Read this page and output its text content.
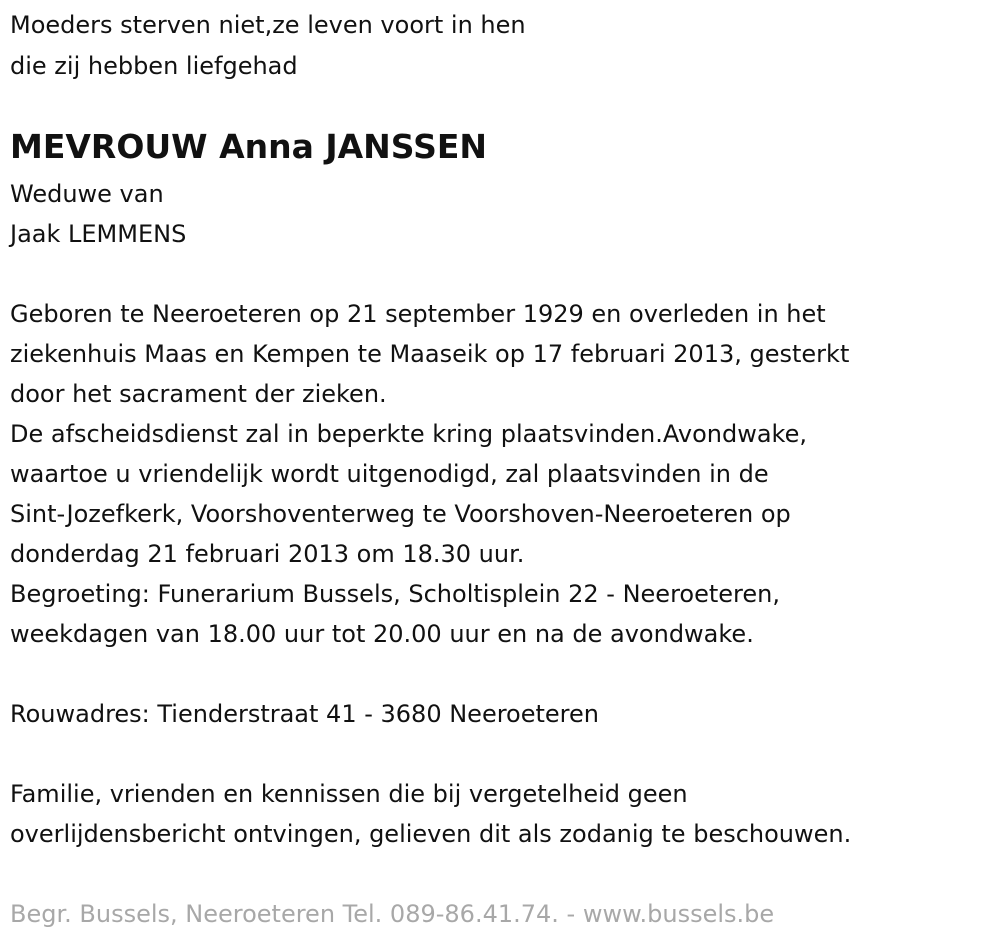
Moeders sterven niet,ze leven voort in hen
die zij hebben liefgehad
MEVROUW Anna JANSSEN
Weduwe van
Jaak LEMMENS
Geboren te Neeroeteren op 21 september 1929 en overleden in het
ziekenhuis Maas en Kempen te Maaseik op 17 februari 2013, gesterkt
door het sacrament der zieken.
De afscheidsdienst zal in beperkte kring plaatsvinden.Avondwake,
waartoe u vriendelijk wordt uitgenodigd, zal plaatsvinden in de
Sint-Jozefkerk, Voorshoventerweg te Voorshoven-Neeroeteren op
donderdag 21 februari 2013 om 18.30 uur.
Begroeting: Funerarium Bussels, Scholtisplein 22 - Neeroeteren,
weekdagen van 18.00 uur tot 20.00 uur en na de avondwake.
Rouwadres: Tienderstraat 41 - 3680 Neeroeteren
Familie, vrienden en kennissen die bij vergetelheid geen
overlijdensbericht ontvingen, gelieven dit als zodanig te beschouwen.
Begr. Bussels, Neeroeteren Tel. 089-86.41.74. - www.bussels.be
